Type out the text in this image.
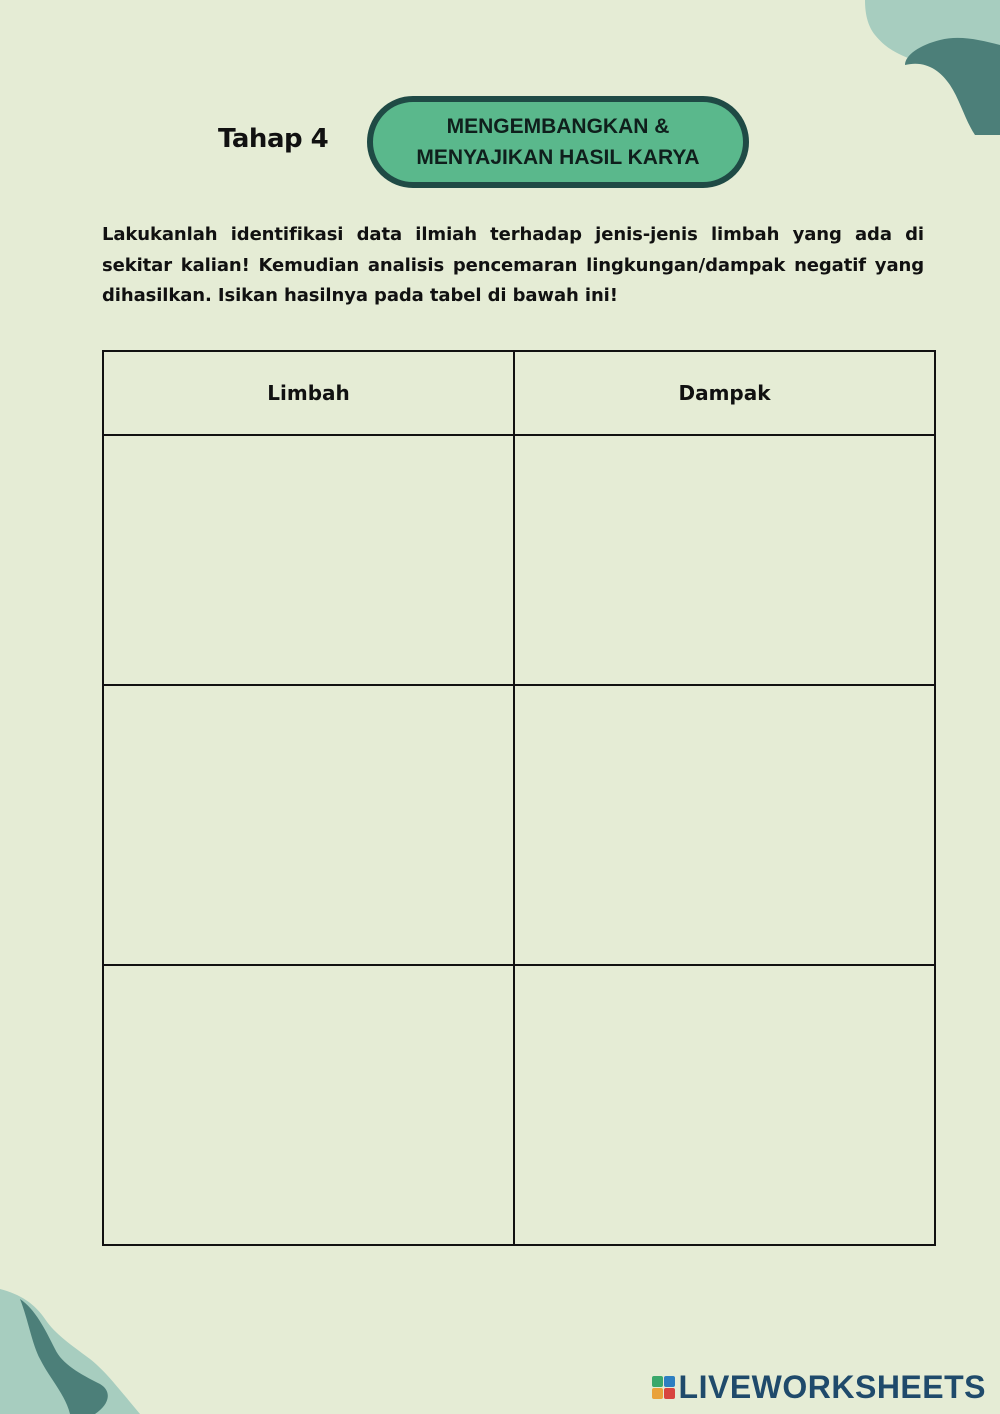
Tahap 4	MENGEMBANGKAN &
MENYAJIKAN HASIL KARYA

Lakukanlah identifikasi data ilmiah terhadap jenis-jenis limbah yang ada di sekitar kalian! Kemudian analisis pencemaran lingkungan/dampak negatif yang dihasilkan. Isikan hasilnya pada tabel di bawah ini!

Limbah	Dampak

LIVEWORKSHEETS
